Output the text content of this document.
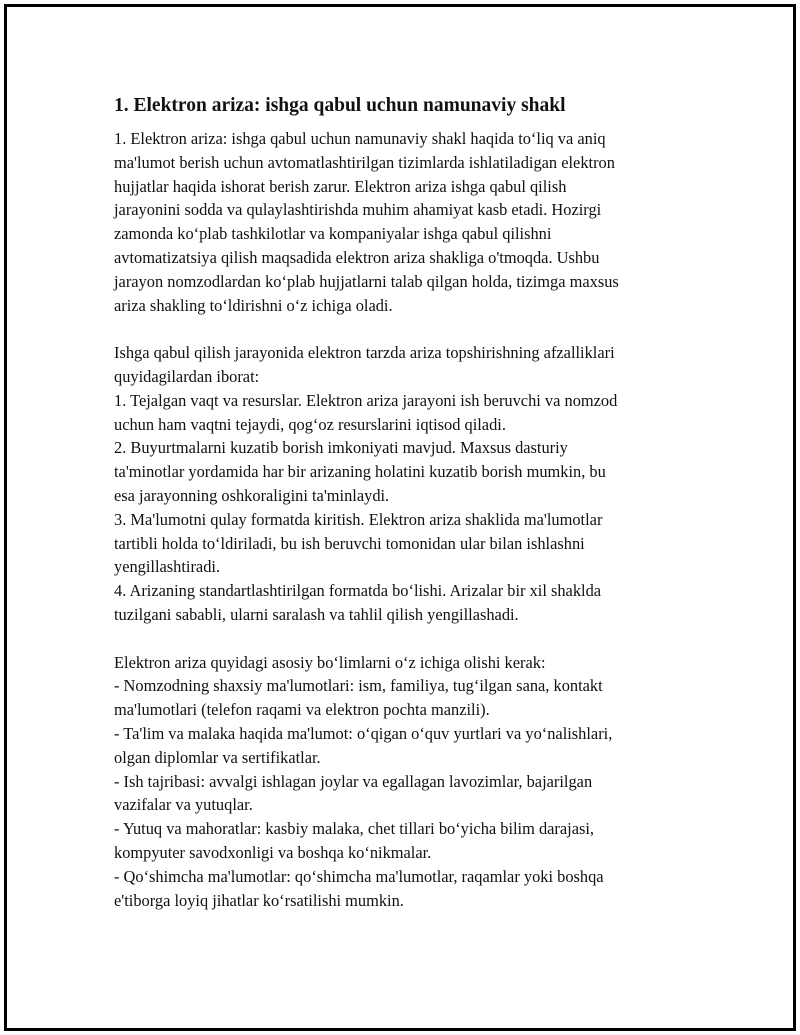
1. Elektron ariza: ishga qabul uchun namunaviy shakl

1. Elektron ariza: ishga qabul uchun namunaviy shakl haqida to‘liq va aniq
ma'lumot berish uchun avtomatlashtirilgan tizimlarda ishlatiladigan elektron
hujjatlar haqida ishorat berish zarur. Elektron ariza ishga qabul qilish
jarayonini sodda va qulaylashtirishda muhim ahamiyat kasb etadi. Hozirgi
zamonda ko‘plab tashkilotlar va kompaniyalar ishga qabul qilishni
avtomatizatsiya qilish maqsadida elektron ariza shakliga o'tmoqda. Ushbu
jarayon nomzodlardan ko‘plab hujjatlarni talab qilgan holda, tizimga maxsus
ariza shakling to‘ldirishni o‘z ichiga oladi.

Ishga qabul qilish jarayonida elektron tarzda ariza topshirishning afzalliklari
quyidagilardan iborat:
1. Tejalgan vaqt va resurslar. Elektron ariza jarayoni ish beruvchi va nomzod
uchun ham vaqtni tejaydi, qog‘oz resurslarini iqtisod qiladi.
2. Buyurtmalarni kuzatib borish imkoniyati mavjud. Maxsus dasturiy
ta'minotlar yordamida har bir arizaning holatini kuzatib borish mumkin, bu
esa jarayonning oshkoraligini ta'minlaydi.
3. Ma'lumotni qulay formatda kiritish. Elektron ariza shaklida ma'lumotlar
tartibli holda to‘ldiriladi, bu ish beruvchi tomonidan ular bilan ishlashni
yengillashtiradi.
4. Arizaning standartlashtirilgan formatda bo‘lishi. Arizalar bir xil shaklda
tuzilgani sababli, ularni saralash va tahlil qilish yengillashadi.

Elektron ariza quyidagi asosiy bo‘limlarni o‘z ichiga olishi kerak:
- Nomzodning shaxsiy ma'lumotlari: ism, familiya, tug‘ilgan sana, kontakt
ma'lumotlari (telefon raqami va elektron pochta manzili).
- Ta'lim va malaka haqida ma'lumot: o‘qigan o‘quv yurtlari va yo‘nalishlari,
olgan diplomlar va sertifikatlar.
- Ish tajribasi: avvalgi ishlagan joylar va egallagan lavozimlar, bajarilgan
vazifalar va yutuqlar.
- Yutuq va mahoratlar: kasbiy malaka, chet tillari bo‘yicha bilim darajasi,
kompyuter savodxonligi va boshqa ko‘nikmalar.
- Qo‘shimcha ma'lumotlar: qo‘shimcha ma'lumotlar, raqamlar yoki boshqa
e'tiborga loyiq jihatlar ko‘rsatilishi mumkin.
